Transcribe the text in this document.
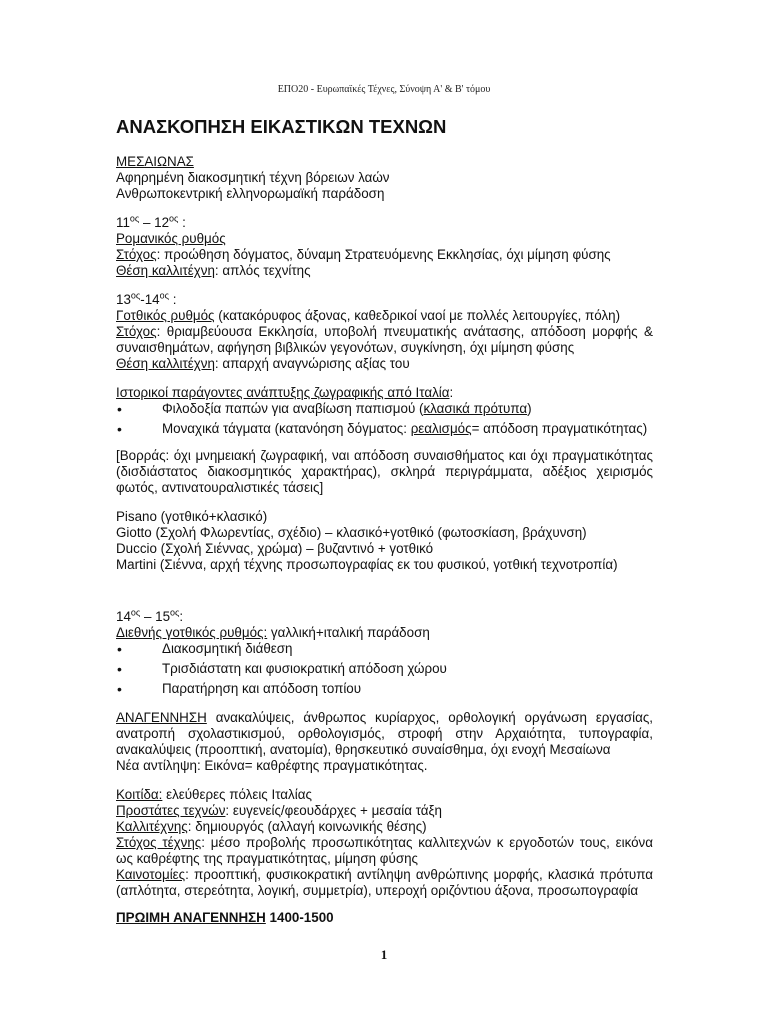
ΕΠΟ20 - Ευρωπαϊκές Τέχνες, Σύνοψη Α' & Β' τόμου

ΑΝΑΣΚΟΠΗΣΗ ΕΙΚΑΣΤΙΚΩΝ ΤΕΧΝΩΝ

ΜΕΣΑΙΩΝΑΣ

Αφηρημένη διακοσμητική τέχνη βόρειων λαών

Ανθρωποκεντρική ελληνορωμαϊκή παράδοση

$11^{o\varsigma} - 12^{o\varsigma}$ :

Ρομανικός ρυθμός

Στόχος: προώθηση δόγματος, δύναμη Στρατευόμενης Εκκλησίας, όχι μίμηση φύσης

Θέση καλλιτέχνη: απλός τεχνίτης

$13^{o\varsigma}-14^{o\varsigma}$ :

Γοτθικός ρυθμός (κατακόρυφος άξονας, καθεδρικοί ναοί με πολλές λειτουργίες, πόλη)

Στόχος: θριαμβεύουσα Εκκλησία, υποβολή πνευματικής ανάτασης, απόδοση μορφής & συναισθημάτων, αφήγηση βιβλικών γεγονότων, συγκίνηση, όχι μίμηση φύσης

Θέση καλλιτέχνη: απαρχή αναγνώρισης αξίας του

Ιστορικοί παράγοντες ανάπτυξης ζωγραφικής από Ιταλία:

• Φιλοδοξία παπών για αναβίωση παπισμού (κλασικά πρότυπα)
• Μοναχικά τάγματα (κατανόηση δόγματος: ρεαλισμός= απόδοση πραγματικότητας)

[Βορράς: όχι μνημειακή ζωγραφική, ναι απόδοση συναισθήματος και όχι πραγματικότητας (δισδιάστατος διακοσμητικός χαρακτήρας), σκληρά περιγράμματα, αδέξιος χειρισμός φωτός, αντινατουραλιστικές τάσεις]

Pisano (γοτθικό+κλασικό)

Giotto (Σχολή Φλωρεντίας, σχέδιο) – κλασικό+γοτθικό (φωτοσκίαση, βράχυνση)

Duccio (Σχολή Σιέννας, χρώμα) – βυζαντινό + γοτθικό

Martini (Σιέννα, αρχή τέχνης προσωπογραφίας εκ του φυσικού, γοτθική τεχνοτροπία)

$14^{o\varsigma} - 15^{o\varsigma}$:

Διεθνής γοτθικός ρυθμός: γαλλική+ιταλική παράδοση

• Διακοσμητική διάθεση
• Τρισδιάστατη και φυσιοκρατική απόδοση χώρου
• Παρατήρηση και απόδοση τοπίου

ΑΝΑΓΕΝΝΗΣΗ ανακαλύψεις, άνθρωπος κυρίαρχος, ορθολογική οργάνωση εργασίας, ανατροπή σχολαστικισμού, ορθολογισμός, στροφή στην Αρχαιότητα, τυπογραφία, ανακαλύψεις (προοπτική, ανατομία), θρησκευτικό συναίσθημα, όχι ενοχή Μεσαίωνα

Νέα αντίληψη: Εικόνα= καθρέφτης πραγματικότητας.

Κοιτίδα: ελεύθερες πόλεις Ιταλίας

Προστάτες τεχνών: ευγενείς/φεουδάρχες + μεσαία τάξη

Καλλιτέχνης: δημιουργός (αλλαγή κοινωνικής θέσης)

Στόχος τέχνης: μέσο προβολής προσωπικότητας καλλιτεχνών κ εργοδοτών τους, εικόνα ως καθρέφτης της πραγματικότητας, μίμηση φύσης

Καινοτομίες: προοπτική, φυσικοκρατική αντίληψη ανθρώπινης μορφής, κλασικά πρότυπα (απλότητα, στερεότητα, λογική, συμμετρία), υπεροχή οριζόντιου άξονα, προσωπογραφία

ΠΡΩΙΜΗ ΑΝΑΓΕΝΝΗΣΗ 1400-1500

1
